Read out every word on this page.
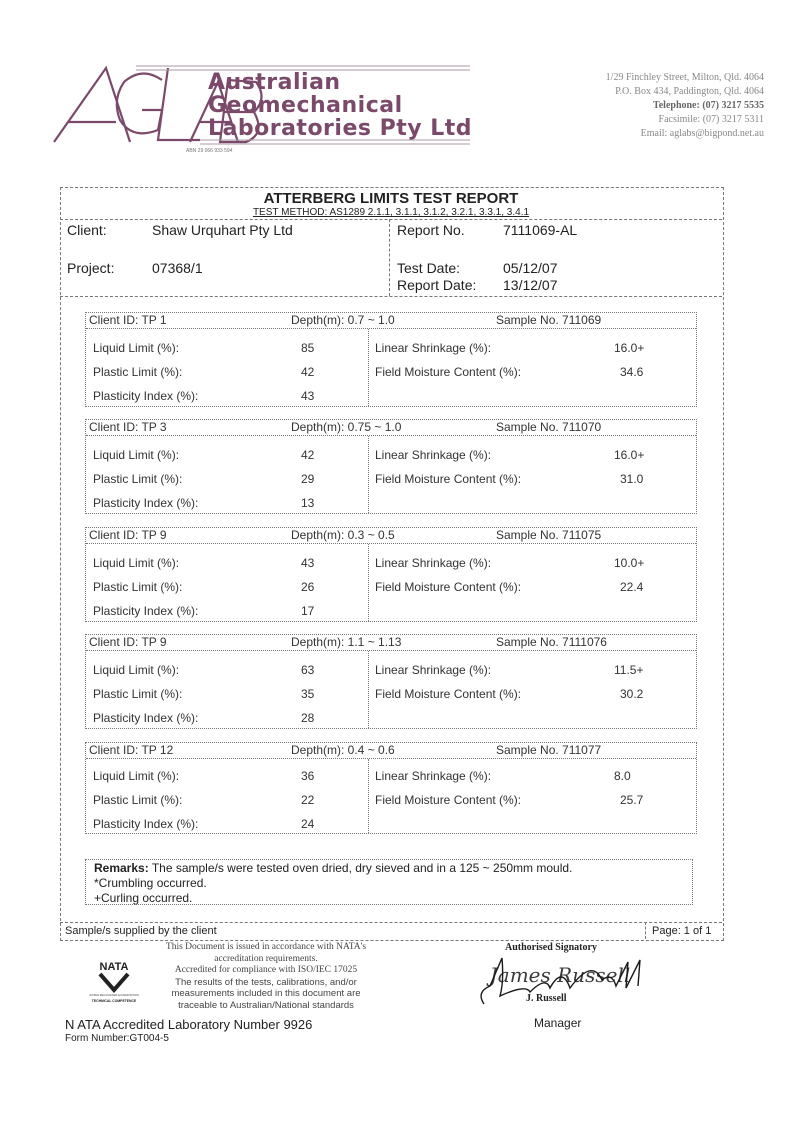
Australian
Geomechanical
Laboratories Pty Ltd
ABN 29 066 933 594
1/29 Finchley Street, Milton, Qld. 4064
P.O. Box 434, Paddington, Qld. 4064
Telephone: (07) 3217 5535
Facsimile: (07) 3217 5311
Email: aglabs@bigpond.net.au
ATTERBERG LIMITS TEST REPORT
TEST METHOD: AS1289 2.1.1, 3.1.1, 3.1.2, 3.2.1, 3.3.1, 3.4.1
Client:	Shaw Urquhart Pty Ltd
Project:	07368/1
Report No.	7111069-AL
Test Date:	05/12/07
Report Date: 13/12/07
Client ID: TP 1	Depth(m): 0.7 ~ 1.0	Sample No. 711069
Liquid Limit (%):	85
Plastic Limit (%):	42
Plasticity Index (%):	43
Linear Shrinkage (%):	16.0+
Field Moisture Content (%):	34.6
Client ID: TP 3	Depth(m): 0.75 ~ 1.0	Sample No. 711070
Liquid Limit (%):	42
Plastic Limit (%):	29
Plasticity Index (%):	13
Linear Shrinkage (%):	16.0+
Field Moisture Content (%):	31.0
Client ID: TP 9	Depth(m): 0.3 ~ 0.5	Sample No. 711075
Liquid Limit (%):	43
Plastic Limit (%):	26
Plasticity Index (%):	17
Linear Shrinkage (%):	10.0+
Field Moisture Content (%):	22.4
Client ID: TP 9	Depth(m): 1.1 ~ 1.13	Sample No. 7111076
Liquid Limit (%):	63
Plastic Limit (%):	35
Plasticity Index (%):	28
Linear Shrinkage (%):	11.5+
Field Moisture Content (%):	30.2
Client ID: TP 12	Depth(m): 0.4 ~ 0.6	Sample No. 711077
Liquid Limit (%):	36
Plastic Limit (%):	22
Plasticity Index (%):	24
Linear Shrinkage (%):	8.0
Field Moisture Content (%):	25.7
Remarks: The sample/s were tested oven dried, dry sieved and in a 125 ~ 250mm mould.
*Crumbling occurred.
+Curling occurred.
Sample/s supplied by the client	Page: 1 of 1
NATA
WORLD RECOGNISED ACCREDITATION
TECHNICAL COMPETENCE
This Document is issued in accordance with NATA's
accreditation requirements.
Accredited for compliance with ISO/IEC 17025
The results of the tests, calibrations, and/or
measurements included in this document are
traceable to Australian/National standards
N ATA Accredited Laboratory Number 9926
Form Number:GT004-5
Authorised Signatory
James Russell
J. Russell
Manager
